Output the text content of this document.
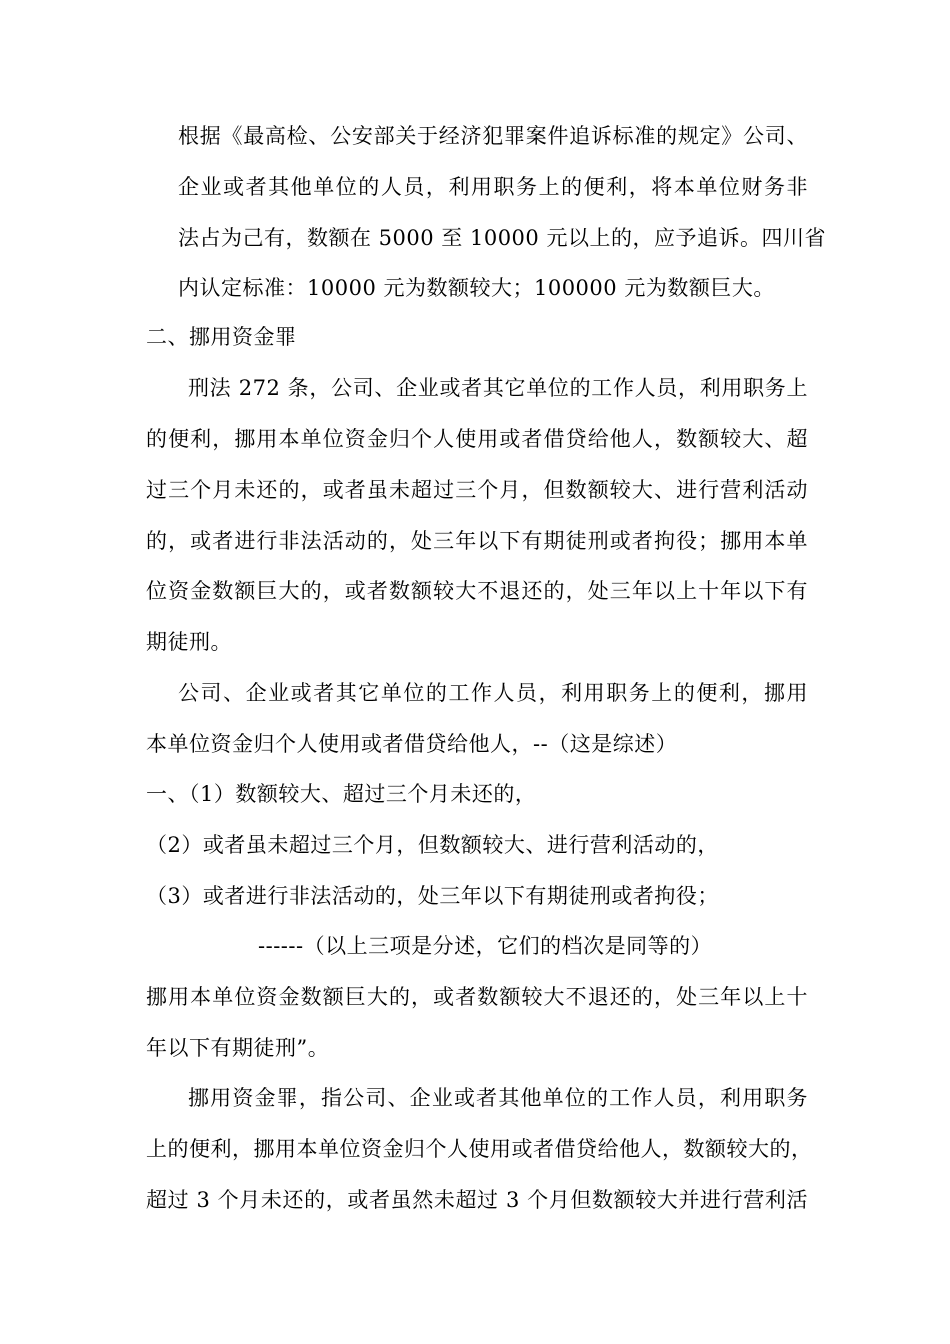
根据《最高检、公安部关于经济犯罪案件追诉标准的规定》公司、
企业或者其他单位的人员，利用职务上的便利，将本单位财务非
法占为己有，数额在 5000 至 10000 元以上的，应予追诉。四川省
内认定标准：10000 元为数额较大；100000 元为数额巨大。
二、挪用资金罪
刑法 272 条，公司、企业或者其它单位的工作人员，利用职务上
的便利，挪用本单位资金归个人使用或者借贷给他人，数额较大、超
过三个月未还的，或者虽未超过三个月，但数额较大、进行营利活动
的，或者进行非法活动的，处三年以下有期徒刑或者拘役；挪用本单
位资金数额巨大的，或者数额较大不退还的，处三年以上十年以下有
期徒刑。
公司、企业或者其它单位的工作人员，利用职务上的便利，挪用
本单位资金归个人使用或者借贷给他人，--（这是综述）
一、（1）数额较大、超过三个月未还的，
（2）或者虽未超过三个月，但数额较大、进行营利活动的，
（3）或者进行非法活动的，处三年以下有期徒刑或者拘役；
------（以上三项是分述，它们的档次是同等的）
挪用本单位资金数额巨大的，或者数额较大不退还的，处三年以上十
年以下有期徒刑”。
挪用资金罪，指公司、企业或者其他单位的工作人员，利用职务
上的便利，挪用本单位资金归个人使用或者借贷给他人，数额较大的，
超过 3 个月未还的，或者虽然未超过 3 个月但数额较大并进行营利活
